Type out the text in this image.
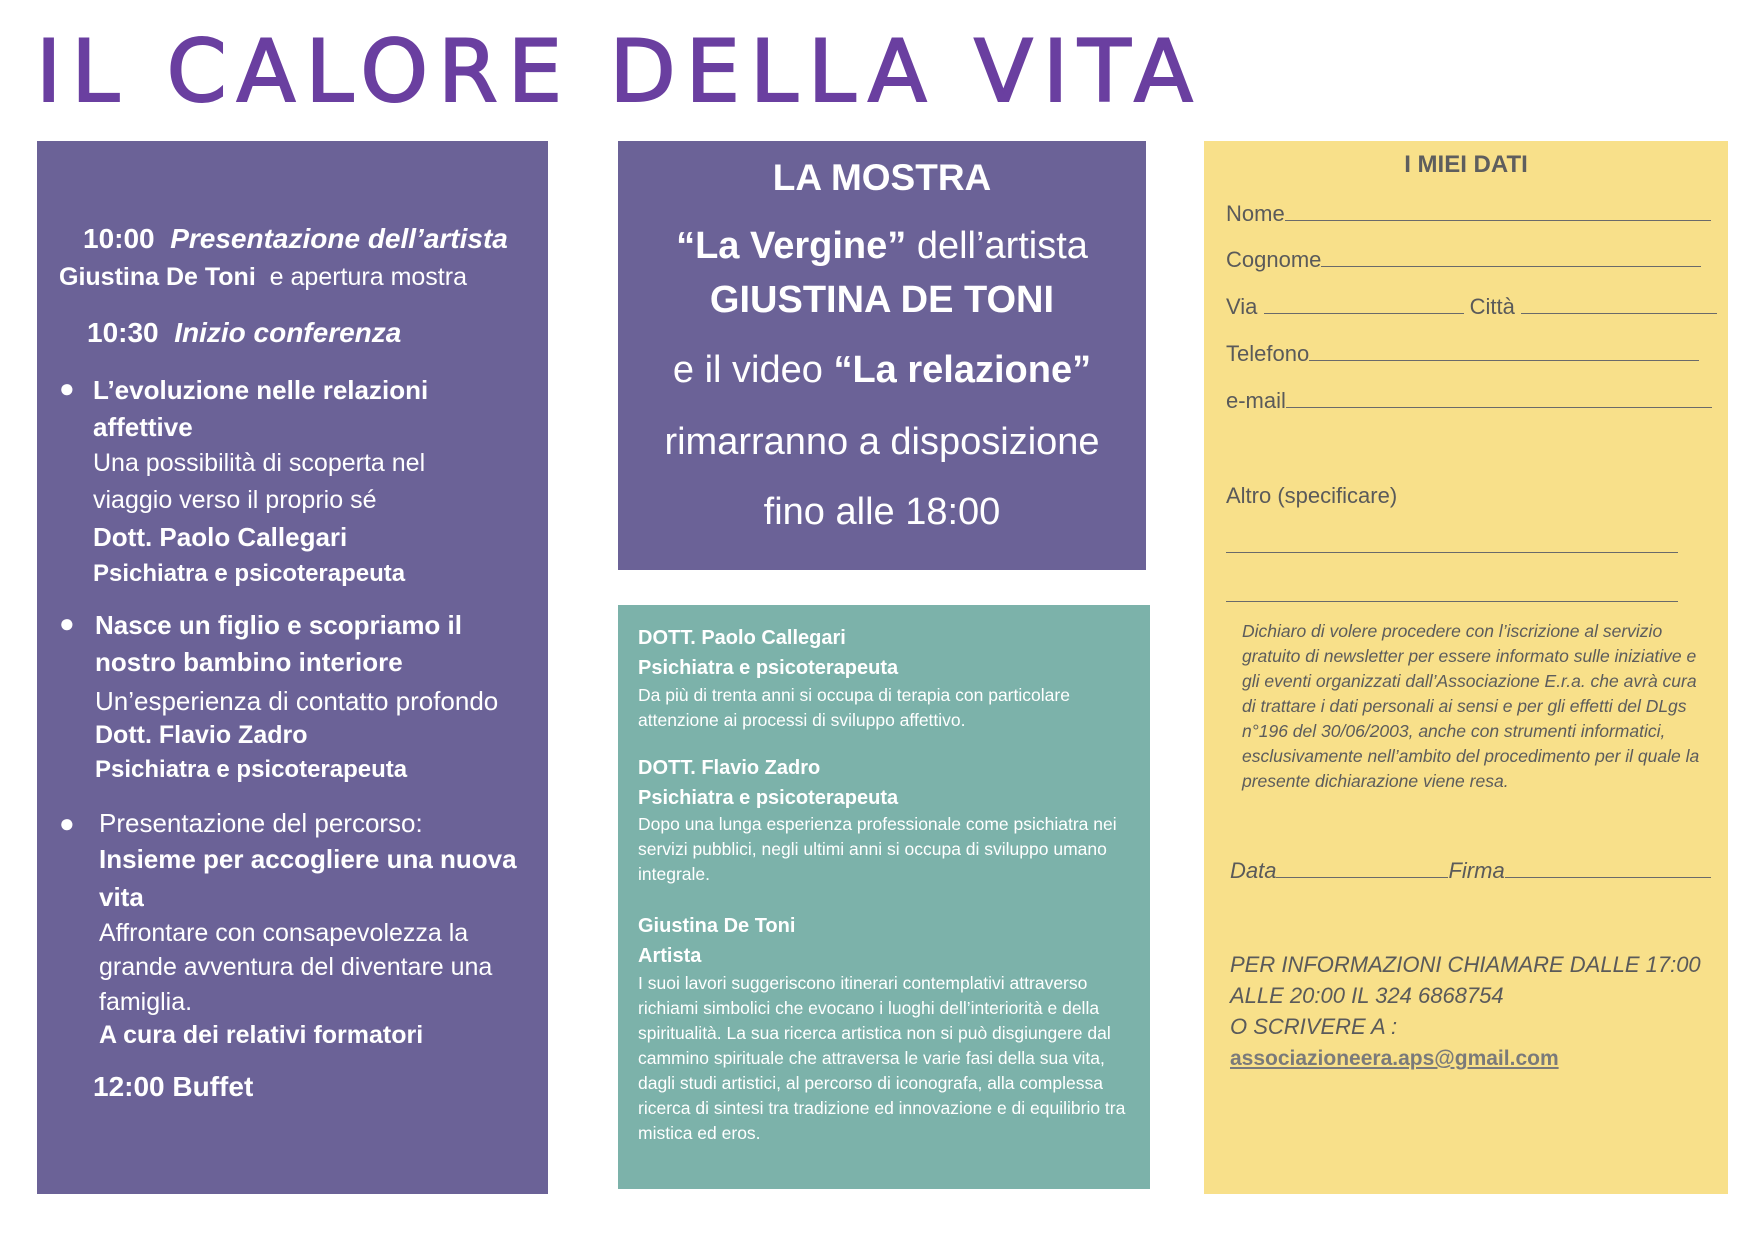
IL CALORE DELLA VITA
10:00 Presentazione dell’artista
Giustina De Toni e apertura mostra
10:30 Inizio conferenza
● L’evoluzione nelle relazioni
affettive
Una possibilità di scoperta nel
viaggio verso il proprio sé
Dott. Paolo Callegari
Psichiatra e psicoterapeuta
● Nasce un figlio e scopriamo il
nostro bambino interiore
Un’esperienza di contatto profondo
Dott. Flavio Zadro
Psichiatra e psicoterapeuta
● Presentazione del percorso:
Insieme per accogliere una nuova
vita
Affrontare con consapevolezza la
grande avventura del diventare una
famiglia.
A cura dei relativi formatori
12:00 Buffet
LA MOSTRA
“La Vergine” dell’artista
GIUSTINA DE TONI
e il video “La relazione”
rimarranno a disposizione
fino alle 18:00
DOTT. Paolo Callegari
Psichiatra e psicoterapeuta
Da più di trenta anni si occupa di terapia con particolare attenzione ai processi di sviluppo affettivo.
DOTT. Flavio Zadro
Psichiatra e psicoterapeuta
Dopo una lunga esperienza professionale come psichiatra nei servizi pubblici, negli ultimi anni si occupa di sviluppo umano integrale.
Giustina De Toni
Artista
I suoi lavori suggeriscono itinerari contemplativi attraverso richiami simbolici che evocano i luoghi dell’interiorità e della spiritualità. La sua ricerca artistica non si può disgiungere dal cammino spirituale che attraversa le varie fasi della sua vita, dagli studi artistici, al percorso di iconografa, alla complessa ricerca di sintesi tra tradizione ed innovazione e di equilibrio tra mistica ed eros.
I MIEI DATI
Nome
Cognome
Via	Città
Telefono
e-mail
Altro (specificare)
Dichiaro di volere procedere con l’iscrizione al servizio gratuito di newsletter per essere informato sulle iniziative e gli eventi organizzati dall’Associazione E.r.a. che avrà cura di trattare i dati personali ai sensi e per gli effetti del DLgs n°196 del 30/06/2003, anche con strumenti informatici, esclusivamente nell’ambito del procedimento per il quale la presente dichiarazione viene resa.
Data	Firma
PER INFORMAZIONI CHIAMARE DALLE 17:00
ALLE 20:00 IL 324 6868754
O SCRIVERE A :
associazioneera.aps@gmail.com
